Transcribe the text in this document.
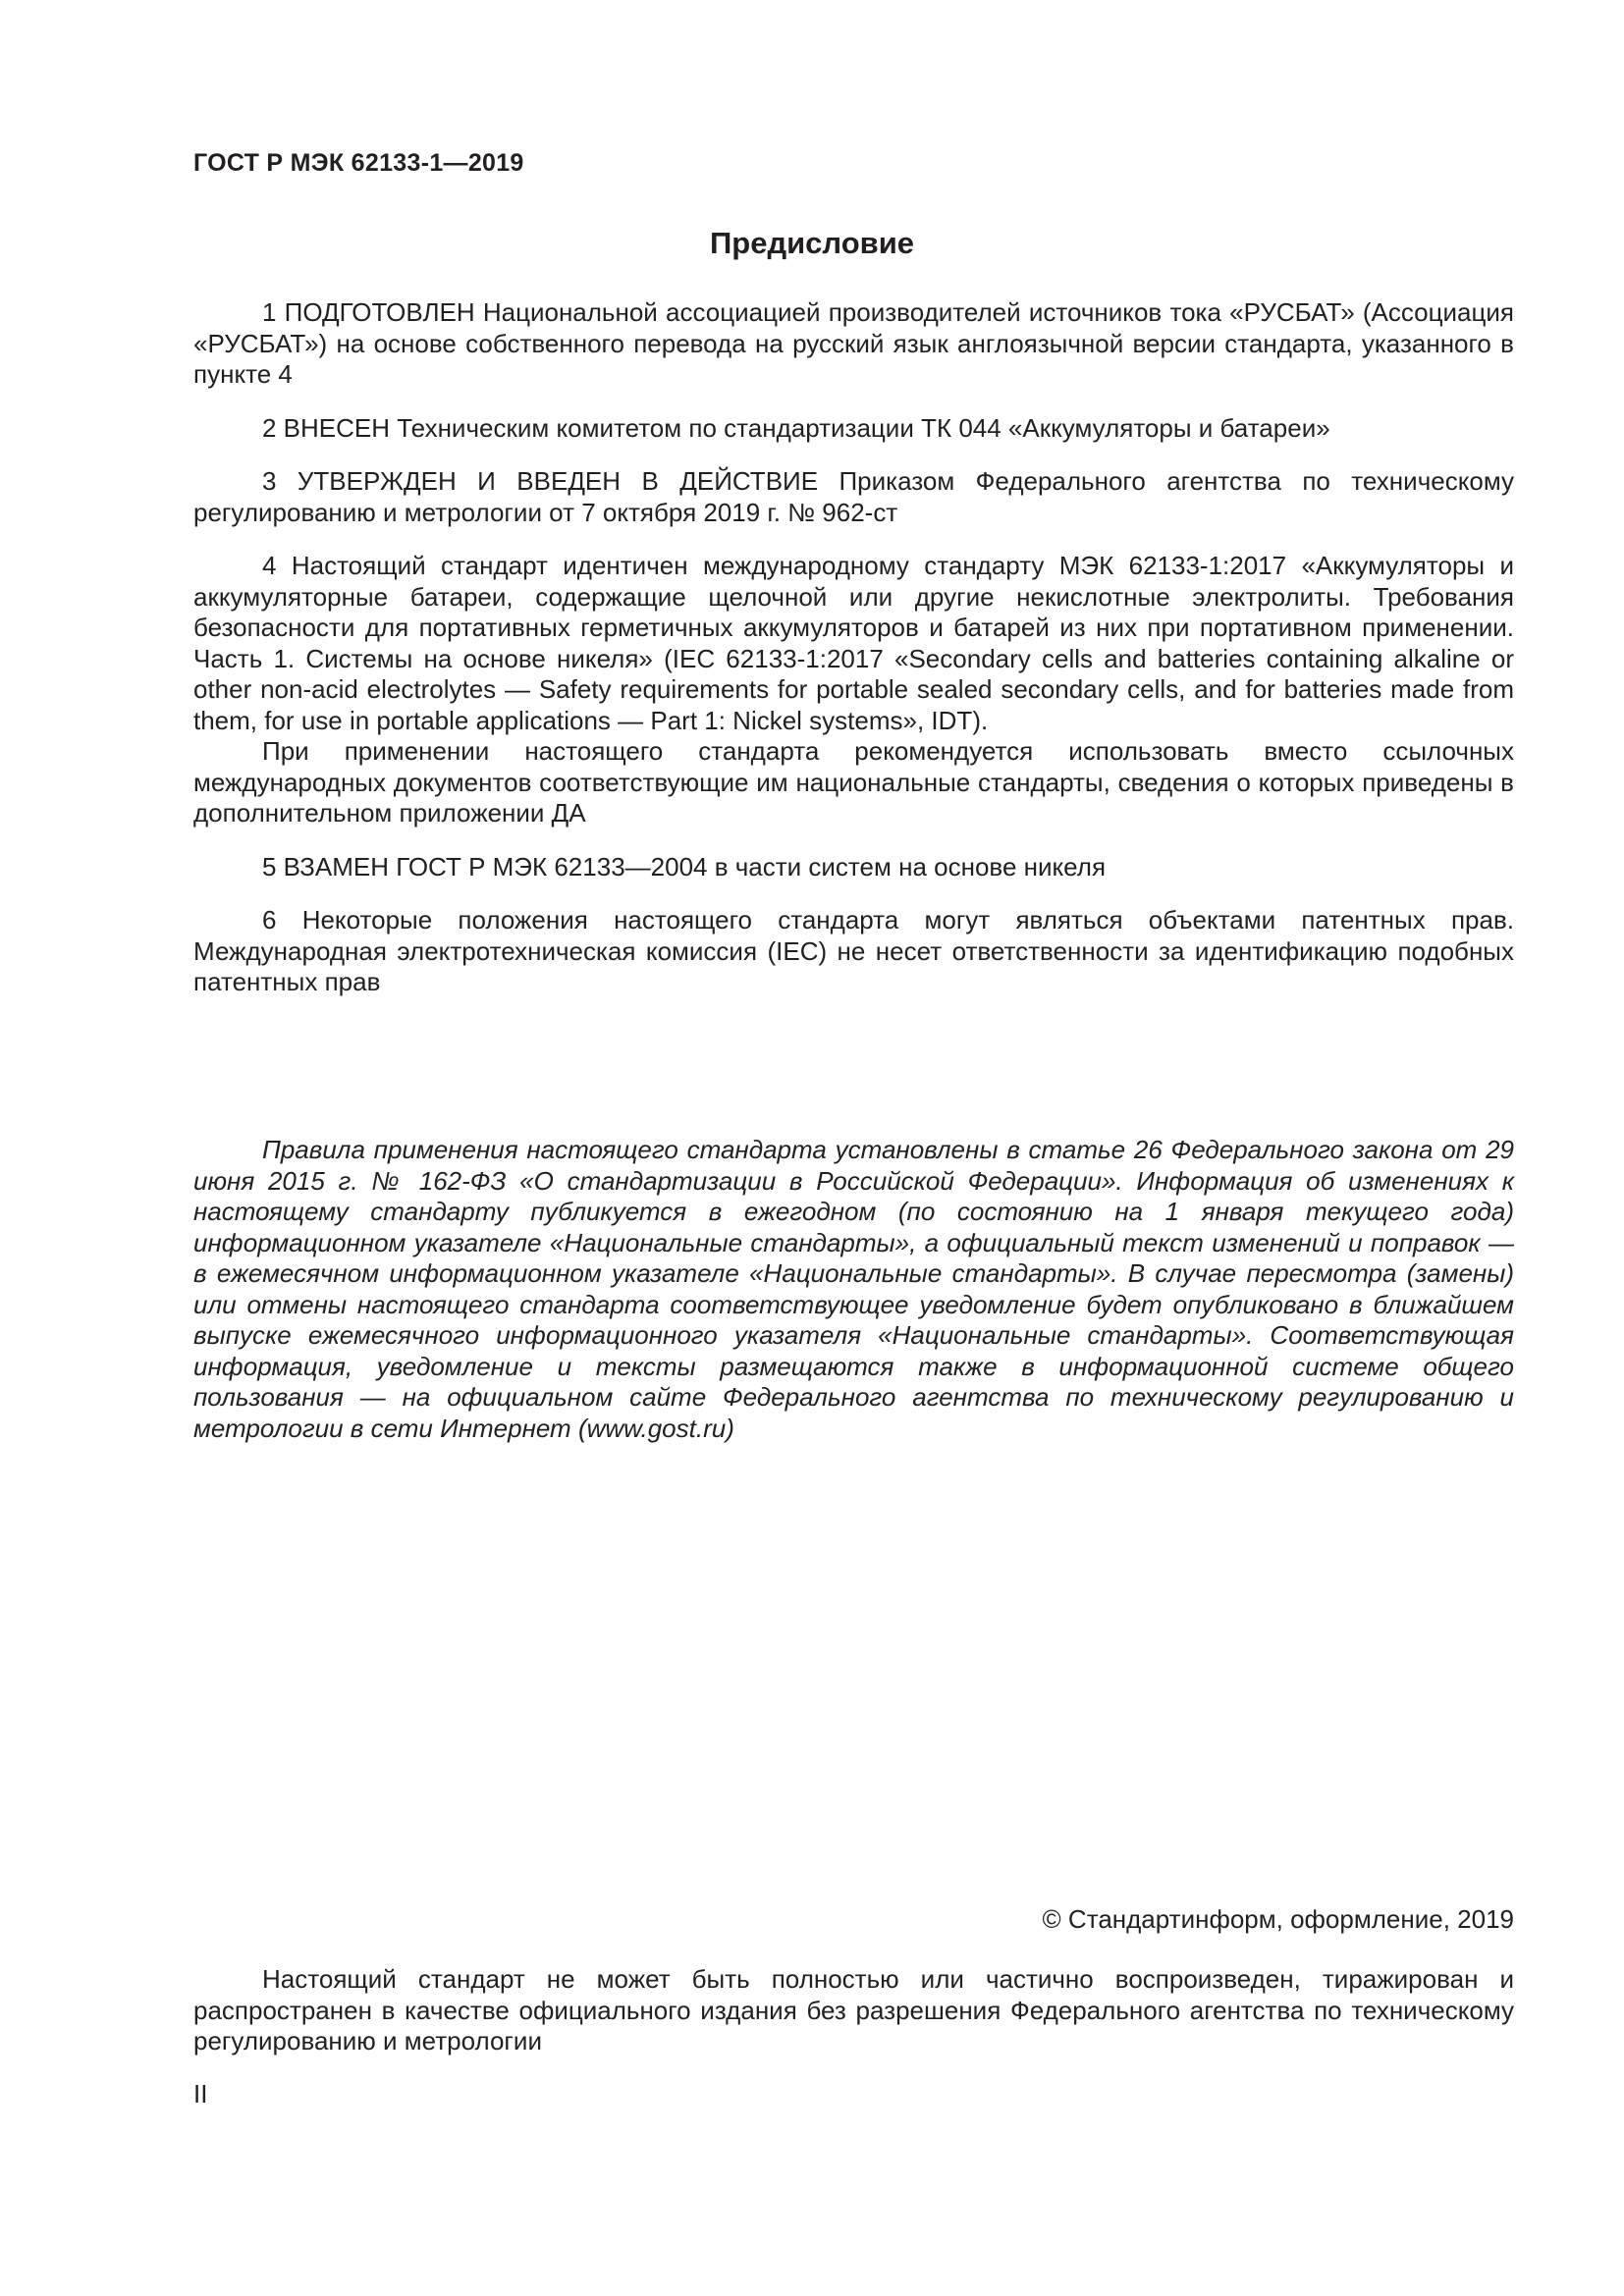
ГОСТ Р МЭК 62133-1—2019
Предисловие

1 ПОДГОТОВЛЕН Национальной ассоциацией производителей источников тока «РУСБАТ» (Ассоциация «РУСБАТ») на основе собственного перевода на русский язык англоязычной версии стандарта, указанного в пункте 4

2 ВНЕСЕН Техническим комитетом по стандартизации ТК 044 «Аккумуляторы и батареи»

3 УТВЕРЖДЕН И ВВЕДЕН В ДЕЙСТВИЕ Приказом Федерального агентства по техническому регулированию и метрологии от 7 октября 2019 г. № 962-ст

4 Настоящий стандарт идентичен международному стандарту МЭК 62133-1:2017 «Аккумуляторы и аккумуляторные батареи, содержащие щелочной или другие некислотные электролиты. Требования безопасности для портативных герметичных аккумуляторов и батарей из них при портативном применении. Часть 1. Системы на основе никеля» (IEC 62133-1:2017 «Secondary cells and batteries containing alkaline or other non-acid electrolytes — Safety requirements for portable sealed secondary cells, and for batteries made from them, for use in portable applications — Part 1: Nickel systems», IDT).

При применении настоящего стандарта рекомендуется использовать вместо ссылочных международных документов соответствующие им национальные стандарты, сведения о которых приведены в дополнительном приложении ДА

5 ВЗАМЕН ГОСТ Р МЭК 62133—2004 в части систем на основе никеля

6 Некоторые положения настоящего стандарта могут являться объектами патентных прав. Международная электротехническая комиссия (IEC) не несет ответственности за идентификацию подобных патентных прав

Правила применения настоящего стандарта установлены в статье 26 Федерального закона от 29 июня 2015 г. № 162-ФЗ «О стандартизации в Российской Федерации». Информация об изменениях к настоящему стандарту публикуется в ежегодном (по состоянию на 1 января текущего года) информационном указателе «Национальные стандарты», а официальный текст изменений и поправок — в ежемесячном информационном указателе «Национальные стандарты». В случае пересмотра (замены) или отмены настоящего стандарта соответствующее уведомление будет опубликовано в ближайшем выпуске ежемесячного информационного указателя «Национальные стандарты». Соответствующая информация, уведомление и тексты размещаются также в информационной системе общего пользования — на официальном сайте Федерального агентства по техническому регулированию и метрологии в сети Интернет (www.gost.ru)

© Стандартинформ, оформление, 2019

Настоящий стандарт не может быть полностью или частично воспроизведен, тиражирован и распространен в качестве официального издания без разрешения Федерального агентства по техническому регулированию и метрологии

II
